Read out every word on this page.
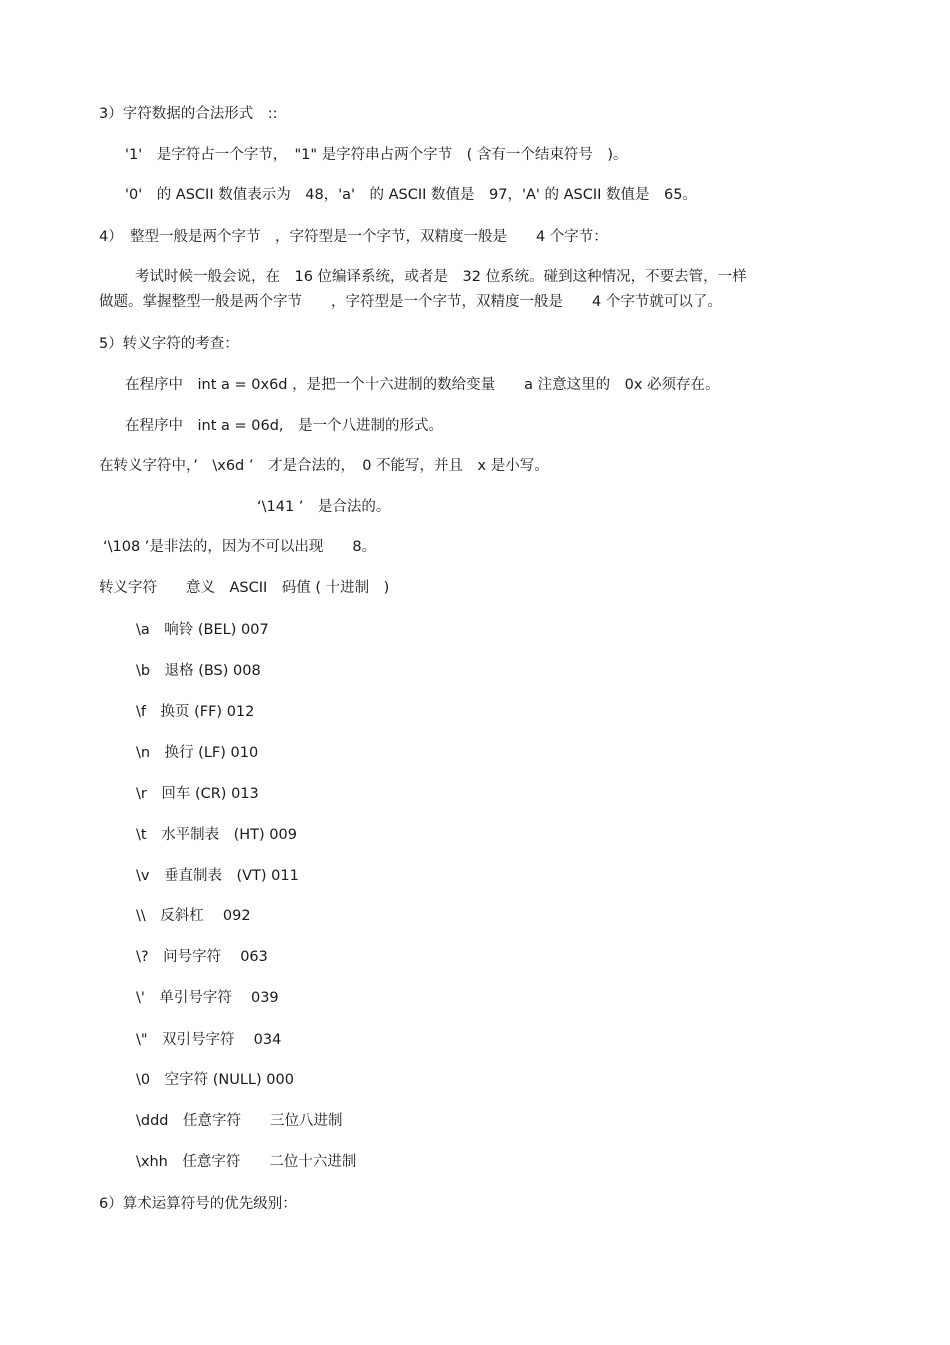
3）字符数据的合法形式　::
'1'　是字符占一个字节，　"1" 是字符串占两个字节　( 含有一个结束符号　)。
'0'　的 ASCII 数值表示为　48，'a'　的 ASCII 数值是　97，'A' 的 ASCII 数值是　65。
4）　整型一般是两个字节　，字符型是一个字节，双精度一般是　　4 个字节：
考试时候一般会说，在　16 位编译系统，或者是　32 位系统。碰到这种情况，不要去管，一样
做题。掌握整型一般是两个字节　　，字符型是一个字节，双精度一般是　　4 个字节就可以了。
5）转义字符的考查：
在程序中　int a = 0x6d ，是把一个十六进制的数给变量　　a 注意这里的　0x 必须存在。
在程序中　int a = 06d,　是一个八进制的形式。
在转义字符中，’　\x6d ’　才是合法的，　0 不能写，并且　x 是小写。
‘\141 ’　是合法的。
‘\108 ’是非法的，因为不可以出现　　8。
转义字符　　意义　ASCII　码值 ( 十进制　)
\a　响铃 (BEL) 007
\b　退格 (BS) 008
\f　换页 (FF) 012
\n　换行 (LF) 010
\r　回车 (CR) 013
\t　水平制表　(HT) 009
\v　垂直制表　(VT) 011
\\　反斜杠　 092
\?　问号字符　 063
\'　单引号字符　 039
\"　双引号字符　 034
\0　空字符 (NULL) 000
\ddd　任意字符　　三位八进制
\xhh　任意字符　　二位十六进制
6）算术运算符号的优先级别：
